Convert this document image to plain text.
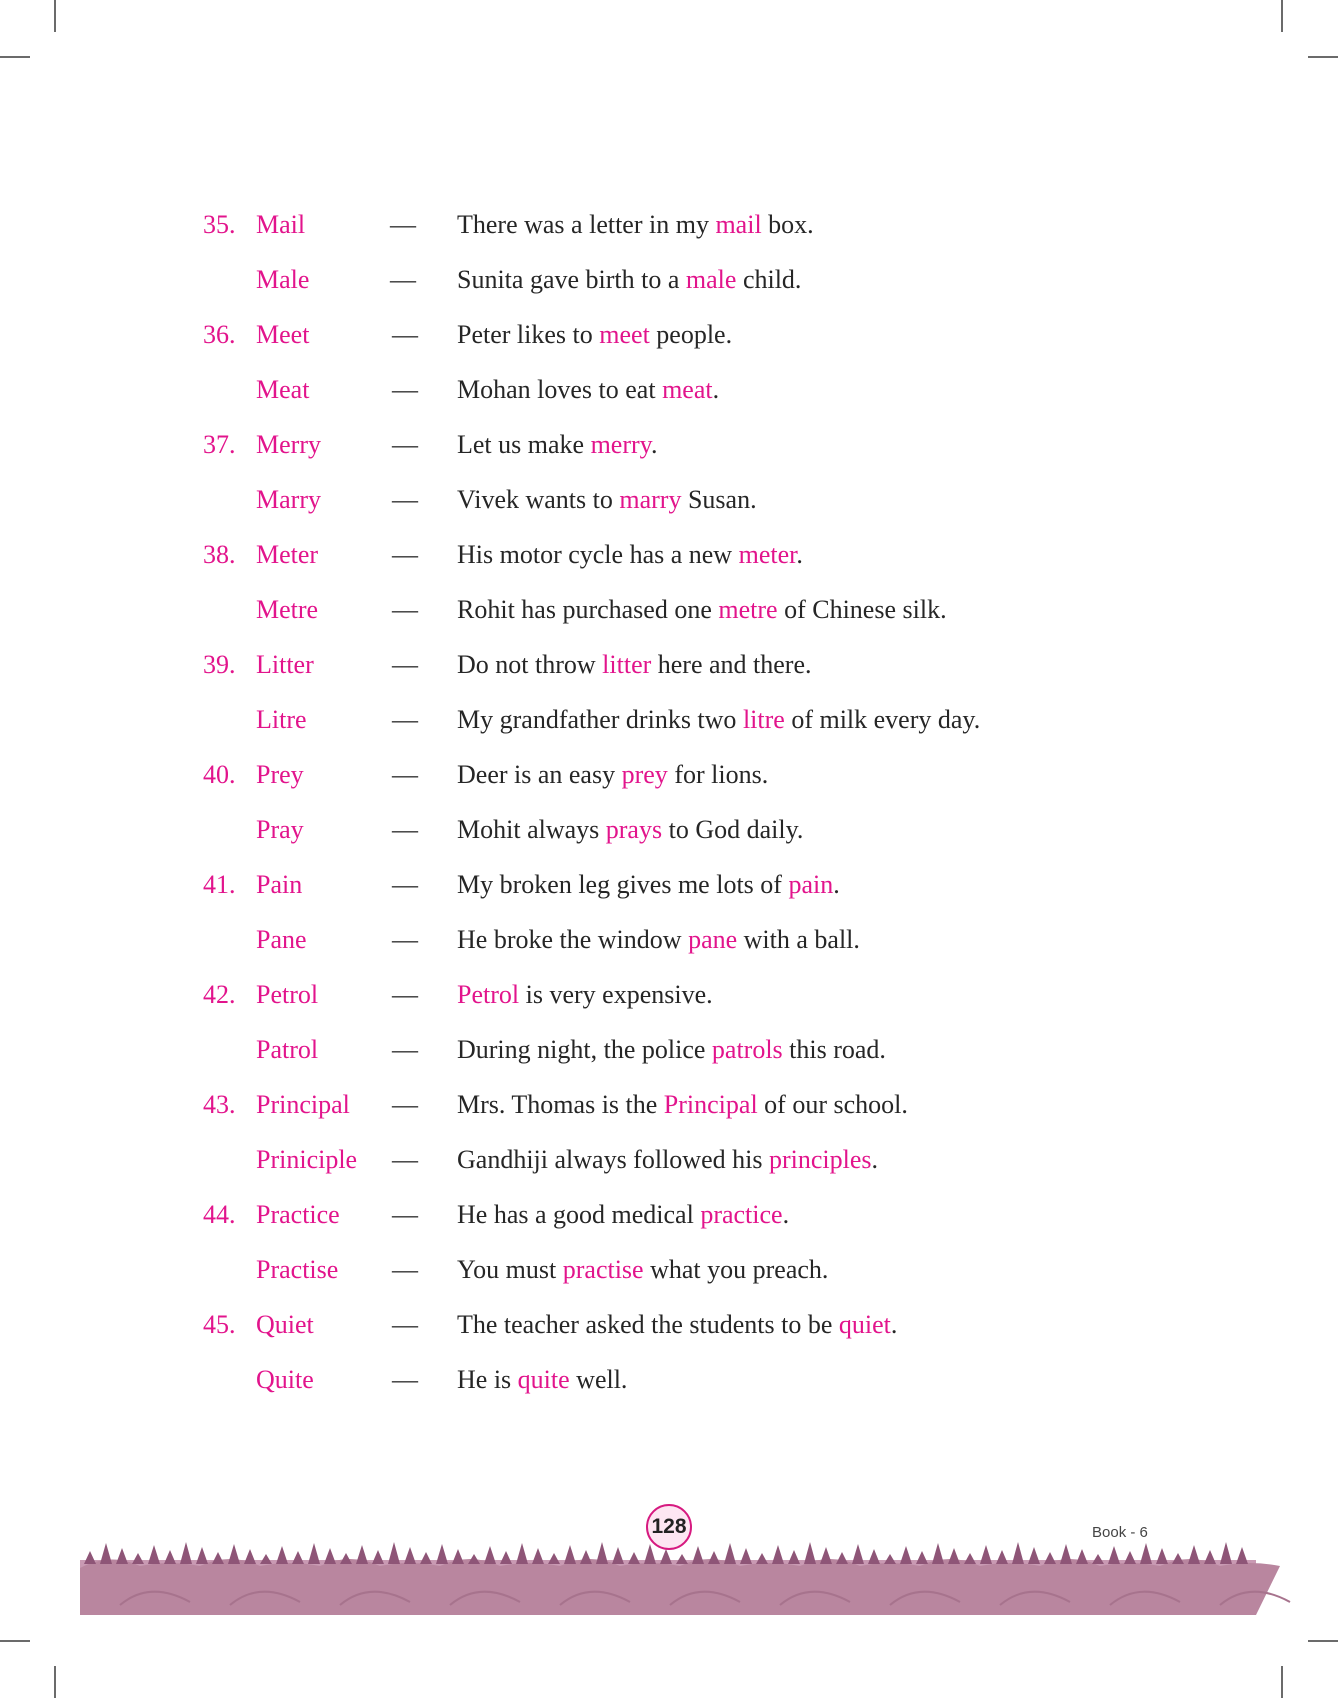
35. Mail	— There was a letter in my mail box.
Male	— Sunita gave birth to a male child.
36. Meet	— Peter likes to meet people.
Meat	— Mohan loves to eat meat.
37. Merry	— Let us make merry.
Marry	— Vivek wants to marry Susan.
38. Meter	— His motor cycle has a new meter.
Metre	— Rohit has purchased one metre of Chinese silk.
39. Litter	— Do not throw litter here and there.
Litre	— My grandfather drinks two litre of milk every day.
40. Prey	— Deer is an easy prey for lions.
Pray	— Mohit always prays to God daily.
41. Pain	— My broken leg gives me lots of pain.
Pane	— He broke the window pane with a ball.
42. Petrol	— Petrol is very expensive.
Patrol	— During night, the police patrols this road.
43. Principal — Mrs. Thomas is the Principal of our school.
Priniciple — Gandhiji always followed his principles.
44. Practice — He has a good medical practice.
Practise — You must practise what you preach.
45. Quiet	— The teacher asked the students to be quiet.
Quite	— He is quite well.
128	Book - 6
